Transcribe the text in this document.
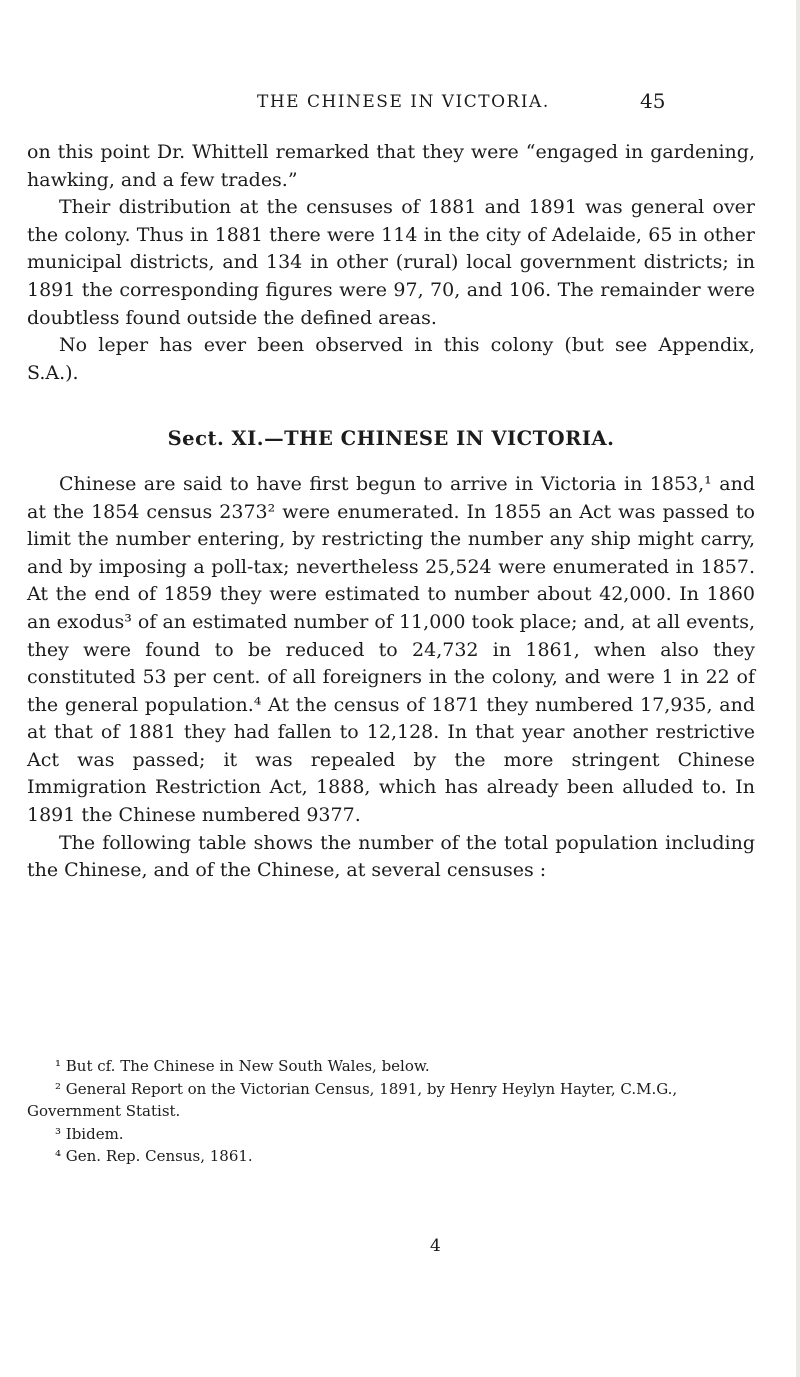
THE CHINESE IN VICTORIA.	45

on this point Dr. Whittell remarked that they were “engaged in gardening, hawking, and a few trades.”

Their distribution at the censuses of 1881 and 1891 was general over the colony. Thus in 1881 there were 114 in the city of Adelaide, 65 in other municipal districts, and 134 in other (rural) local government districts; in 1891 the corresponding figures were 97, 70, and 106. The remainder were doubtless found outside the defined areas.

No leper has ever been observed in this colony (but see Appendix, S.A.).

Sect. XI.—THE CHINESE IN VICTORIA.

Chinese are said to have first begun to arrive in Victoria in 1853,¹ and at the 1854 census 2373² were enumerated. In 1855 an Act was passed to limit the number entering, by restricting the number any ship might carry, and by imposing a poll-tax; nevertheless 25,524 were enumerated in 1857. At the end of 1859 they were estimated to number about 42,000. In 1860 an exodus³ of an estimated number of 11,000 took place; and, at all events, they were found to be reduced to 24,732 in 1861, when also they constituted 53 per cent. of all foreigners in the colony, and were 1 in 22 of the general population.⁴ At the census of 1871 they numbered 17,935, and at that of 1881 they had fallen to 12,128. In that year another restrictive Act was passed; it was repealed by the more stringent Chinese Immigration Restriction Act, 1888, which has already been alluded to. In 1891 the Chinese numbered 9377.

The following table shows the number of the total population including the Chinese, and of the Chinese, at several censuses :

¹ But cf. The Chinese in New South Wales, below.

² General Report on the Victorian Census, 1891, by Henry Heylyn Hayter, C.M.G., Government Statist.

³ Ibidem.

⁴ Gen. Rep. Census, 1861.

4
